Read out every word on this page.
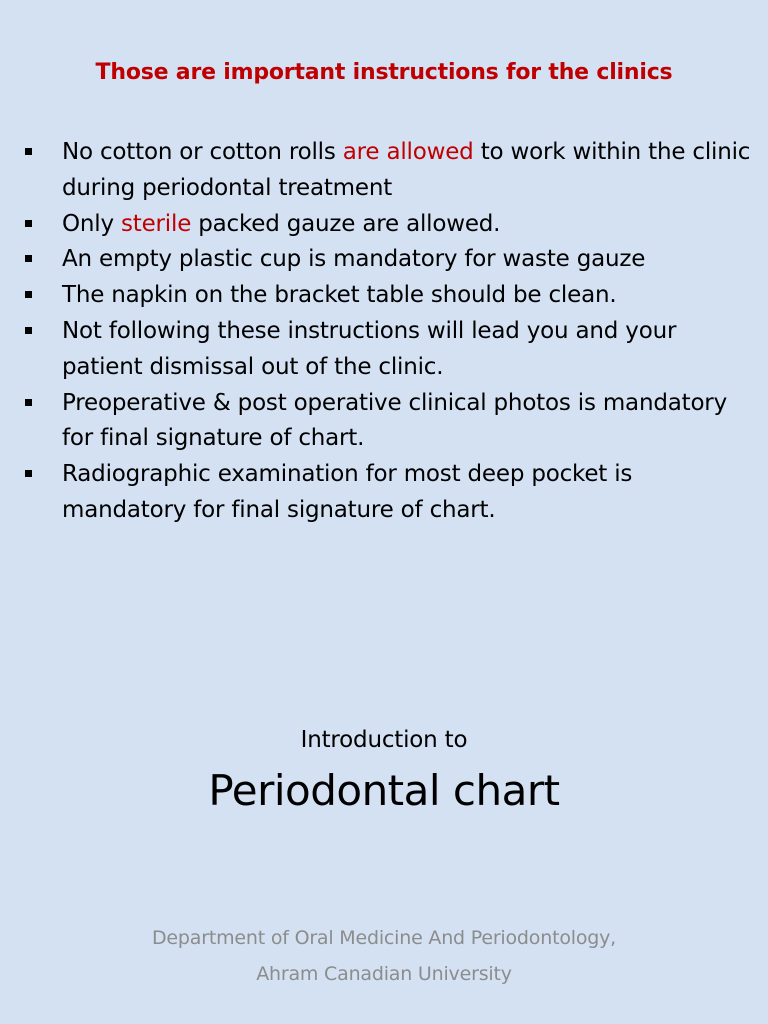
Those are important instructions for the clinics
No cotton or cotton rolls are allowed to work within the clinic during periodontal treatment
Only sterile packed gauze are allowed.
An empty plastic cup is mandatory for waste gauze
The napkin on the bracket table should be clean.
Not following these instructions will lead you and your patient dismissal out of the clinic.
Preoperative & post operative clinical photos is mandatory for final signature of chart.
Radiographic examination for most deep pocket is mandatory for final signature of chart.
Introduction to
Periodontal chart
Department of Oral Medicine And Periodontology,
Ahram Canadian University
